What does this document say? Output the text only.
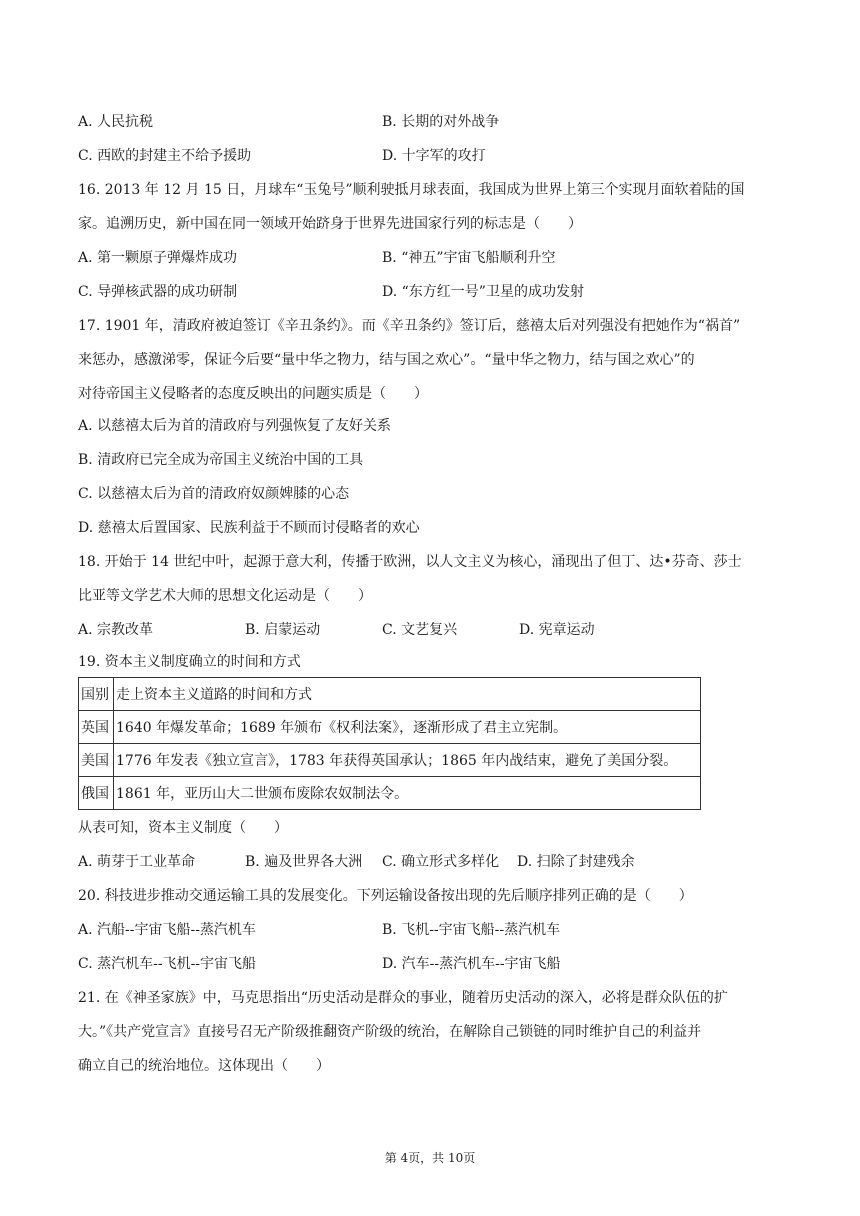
A. 人民抗税	B. 长期的对外战争
C. 西欧的封建主不给予援助	D. 十字军的攻打
16. 2013 年 12 月 15 日，月球车“玉兔号”顺利驶抵月球表面，我国成为世界上第三个实现月面软着陆的国
家。追溯历史，新中国在同一领域开始跻身于世界先进国家行列的标志是（　　）
A. 第一颗原子弹爆炸成功	B. “神五”宇宙飞船顺利升空
C. 导弹核武器的成功研制	D. “东方红一号”卫星的成功发射
17. 1901 年，清政府被迫签订《辛丑条约》。而《辛丑条约》签订后，慈禧太后对列强没有把她作为“祸首”
来惩办，感激涕零，保证今后要“量中华之物力，结与国之欢心”。“量中华之物力，结与国之欢心”的
对待帝国主义侵略者的态度反映出的问题实质是（　　）
A. 以慈禧太后为首的清政府与列强恢复了友好关系
B. 清政府已完全成为帝国主义统治中国的工具
C. 以慈禧太后为首的清政府奴颜婢膝的心态
D. 慈禧太后置国家、民族利益于不顾而讨侵略者的欢心
18. 开始于 14 世纪中叶，起源于意大利，传播于欧洲，以人文主义为核心，涌现出了但丁、达•芬奇、莎士
比亚等文学艺术大师的思想文化运动是（　　）
A. 宗教改革	B. 启蒙运动	C. 文艺复兴	D. 宪章运动
19. 资本主义制度确立的时间和方式
国别	走上资本主义道路的时间和方式
英国	1640 年爆发革命；1689 年颁布《权利法案》，逐渐形成了君主立宪制。
美国	1776 年发表《独立宣言》，1783 年获得英国承认；1865 年内战结束，避免了美国分裂。
俄国	1861 年，亚历山大二世颁布废除农奴制法令。
从表可知，资本主义制度（　　）
A. 萌芽于工业革命	B. 遍及世界各大洲 C. 确立形式多样化 D. 扫除了封建残余
20. 科技进步推动交通运输工具的发展变化。下列运输设备按出现的先后顺序排列正确的是（　　）
A. 汽船--宇宙飞船--蒸汽机车	B. 飞机--宇宙飞船--蒸汽机车
C. 蒸汽机车--飞机--宇宙飞船	D. 汽车--蒸汽机车--宇宙飞船
21. 在《神圣家族》中，马克思指出“历史活动是群众的事业，随着历史活动的深入，必将是群众队伍的扩
大。”《共产党宣言》直接号召无产阶级推翻资产阶级的统治，在解除自己锁链的同时维护自己的利益并
确立自己的统治地位。这体现出（　　）
第 4页，共 10页
